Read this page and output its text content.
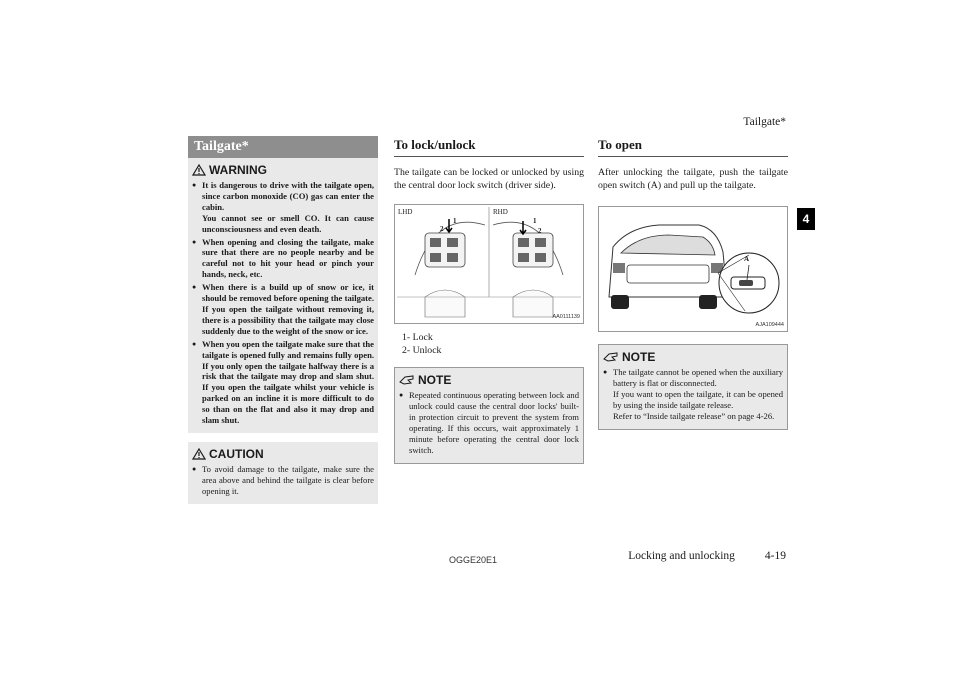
Tailgate*
4
Tailgate*
WARNING
● It is dangerous to drive with the tailgate open, since carbon monoxide (CO) gas can enter the cabin.
You cannot see or smell CO. It can cause unconsciousness and even death.
● When opening and closing the tailgate, make sure that there are no people nearby and be careful not to hit your head or pinch your hands, neck, etc.
● When there is a build up of snow or ice, it should be removed before opening the tailgate. If you open the tailgate without removing it, there is a possibility that the tailgate may close suddenly due to the weight of the snow or ice.
● When you open the tailgate make sure that the tailgate is opened fully and remains fully open. If you only open the tailgate halfway there is a risk that the tailgate may drop and slam shut. If you open the tailgate whilst your vehicle is parked on an incline it is more difficult to do so than on the flat and also it may drop and slam shut.
CAUTION
● To avoid damage to the tailgate, make sure the area above and behind the tailgate is clear before opening it.
To lock/unlock
The tailgate can be locked or unlocked by using the central door lock switch (driver side).
LHD	RHD
1
2
1
2
AA0111139
1- Lock
2- Unlock
NOTE
● Repeated continuous operating between lock and unlock could cause the central door locks' built-in protection circuit to prevent the system from operating. If this occurs, wait approximately 1 minute before operating the central door lock switch.
To open
After unlocking the tailgate, push the tailgate open switch (A) and pull up the tailgate.
A
AJA109444
NOTE
● The tailgate cannot be opened when the auxiliary battery is flat or disconnected.
If you want to open the tailgate, it can be opened by using the inside tailgate release.
Refer to “Inside tailgate release” on page 4-26.
OGGE20E1	Locking and unlocking	4-19
